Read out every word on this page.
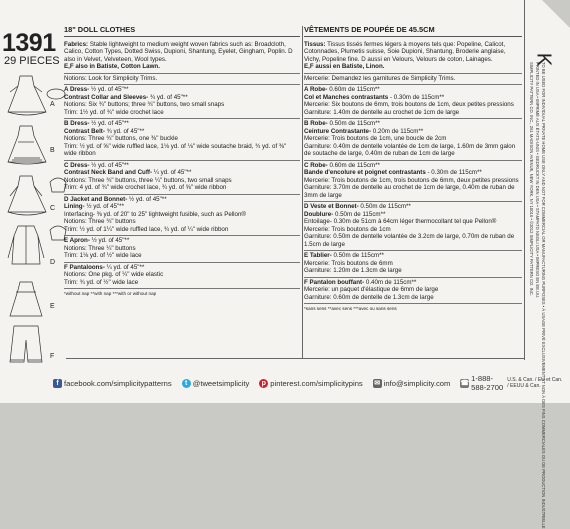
1391
29 PIECES
A
B
C
D
E
F
18" DOLL CLOTHES
Fabrics: Stable lightweight to medium weight woven fabrics such as: Broadcloth, Calico, Cotton Types, Dotted Swiss, Dupioni, Shantung, Eyelet, Gingham, Poplin. D also in Velvet, Velveteen, Wool types.
E,F also in Batiste, Cotton Lawn.
Notions: Look for Simplicity Trims.
A Dress- ½ yd. of 45"**
Contrast Collar and Sleeves- ¾ yd. of 45"**
Notions: Six ¾" buttons; three ¾" buttons, two small snaps
Trim: 1½ yd. of ¾" wide crochet lace
B Dress- ½ yd. of 45"**
Contrast Belt- ¾ yd. of 45"**
Notions: Three ¾" buttons, one ⅜" buckle
Trim: ½ yd. of ⅝" wide ruffled lace, 1⅛ yd. of ⅛" wide soutache braid, ¾ yd. of ⅜" wide ribbon
C Dress- ½ yd. of 45"**
Contrast Neck Band and Cuff- ¼ yd. of 45"**
Notions: Three ¾" buttons, three ¼" buttons, two small snaps
Trim: 4 yd. of ¾" wide crochet lace, ¾ yd. of ⅝" wide ribbon
D Jacket and Bonnet- ½ yd. of 45"**
Lining- ½ yd. of 45"**
Interfacing- ⅜ yd. of 20" to 25" lightweight fusible, such as Pellon®
Notions: Three ¾" buttons
Trim: ½ yd. of 1¼" wide ruffled lace, ¾ yd. of ¼" wide ribbon
E Apron- ½ yd. of 45"**
Notions: Three ¼" buttons
Trim: 1⅛ yd. of ½" wide lace
F Pantaloons- ¼ yd. of 45"**
Notions: One pkg. of ¼" wide elastic
Trim: ¾ yd. of ½" wide lace
*without nap **with nap ***with or without nap
VÊTEMENTS DE POUPÉE DE 45.5CM
Tissus: Tissus tissés fermes légers à moyens tels que: Popeline, Calicot, Cotonnades, Plumetis suisse, Soie Dupioni, Shantung, Broderie anglaise, Vichy, Popeline fine. D aussi en Velours, Velours de coton, Lainages.
E,F aussi en Batiste, Linon.
Mercerie: Demandez les garnitures de Simplicity Trims.
A Robe- 0.60m de 115cm**
Col et Manches contrastants - 0.30m de 115cm**
Mercerie: Six boutons de 6mm, trois boutons de 1cm, deux petites pressions
Garniture: 1.40m de dentelle au crochet de 1cm de large
B Robe- 0.50m de 115cm**
Ceinture Contrastante- 0.20m de 115cm**
Mercerie: Trois boutons de 1cm, une boucle de 2cm
Garniture: 0.40m de dentelle volantée de 1cm de large, 1.60m de 3mm galon de soutache de large, 0.40m de ruban de 1cm de large
C Robe- 0.60m de 115cm**
Bande d'encolure et poignet contrastants - 0.30m de 115cm**
Mercerie: Trois boutons de 1cm, trois boutons de 6mm, deux petites pressions
Garniture: 3.70m de dentelle au crochet de 1cm de large, 0.40m de ruban de 3mm de large
D Veste et Bonnet- 0.50m de 115cm**
Doublure- 0.50m de 115cm**
Entoilage- 0.30m de 51cm à 64cm léger thermocollant tel que Pellon®
Mercerie: Trois boutons de 1cm
Garniture: 0.50m de dentelle volantée de 3.2cm de large, 0.70m de ruban de 1.5cm de large
E Tablier- 0.50m de 115cm**
Mercerie: Trois boutons de 6mm
Garniture: 1.20m de 1.3cm de large
F Pantalon bouffant- 0.40m de 115cm**
Mercerie: un paquet d'élastique de 6mm de large
Garniture: 0.60m de dentelle de 1.3cm de large
*sans sens **avec sens ***avec ou sans sens
K
TO BE USED FOR INDIVIDUAL PRIVATE HOME USE ONLY AND NOT FOR COMMERCIAL OR MANUFACTURING PURPOSES • À USAGE PRIVÉ EXCLUSIVEMENT ET NON À DES FINS COMMERCIALES OU DE PRODUCTION INDUSTRIELLE
PRINTED IN USA • IMPRIMÉ AUX ÉTATS-UNIS • GEDRUCKT IN DEN USA • STAMPATO NEGLI USA • IMPRESO EN EE.UU.
SIMPLICITY PATTERN CO. INC., 261 MADISON AVENUE, NEW YORK, NY 10016 • ©2012 SIMPLICITY PATTERN CO. INC.
f facebook.com/simplicitypatterns	t @tweetsimplicity	p pinterest.com/simplicitypins ✉ info@simplicity.com ☎ 1-888-588-2700
U.S. & Can. / EU et Can. / EEUU & Can.
